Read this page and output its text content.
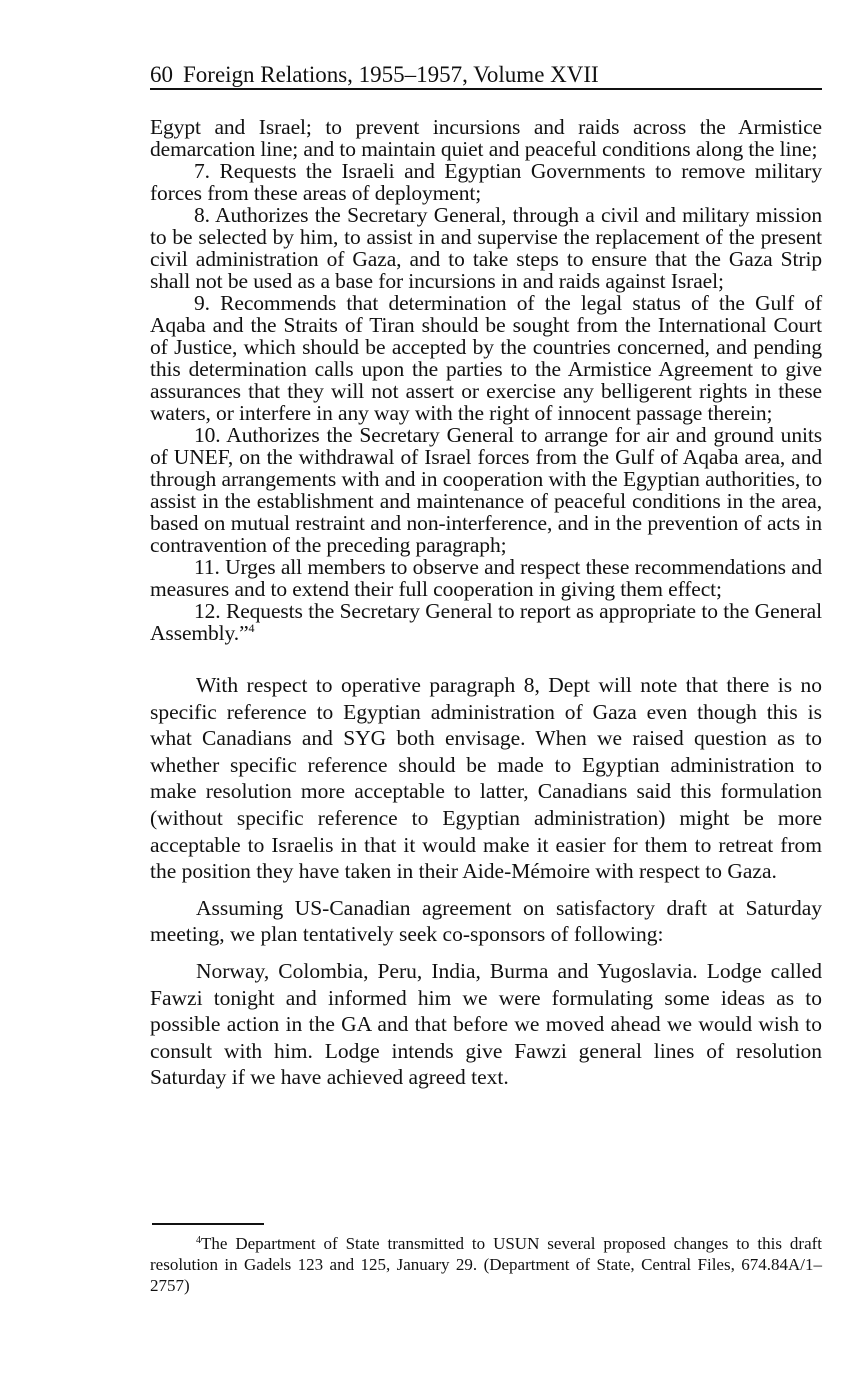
60 Foreign Relations, 1955–1957, Volume XVII

Egypt and Israel; to prevent incursions and raids across the Armistice demarcation line; and to maintain quiet and peaceful conditions along the line;

7. Requests the Israeli and Egyptian Governments to remove military forces from these areas of deployment;

8. Authorizes the Secretary General, through a civil and military mission to be selected by him, to assist in and supervise the replacement of the present civil administration of Gaza, and to take steps to ensure that the Gaza Strip shall not be used as a base for incursions in and raids against Israel;

9. Recommends that determination of the legal status of the Gulf of Aqaba and the Straits of Tiran should be sought from the International Court of Justice, which should be accepted by the countries concerned, and pending this determination calls upon the parties to the Armistice Agreement to give assurances that they will not assert or exercise any belligerent rights in these waters, or interfere in any way with the right of innocent passage therein;

10. Authorizes the Secretary General to arrange for air and ground units of UNEF, on the withdrawal of Israel forces from the Gulf of Aqaba area, and through arrangements with and in cooperation with the Egyptian authorities, to assist in the establishment and maintenance of peaceful conditions in the area, based on mutual restraint and non-interference, and in the prevention of acts in contravention of the preceding paragraph;

11. Urges all members to observe and respect these recommendations and measures and to extend their full cooperation in giving them effect;

12. Requests the Secretary General to report as appropriate to the General Assembly.”$^4$

With respect to operative paragraph 8, Dept will note that there is no specific reference to Egyptian administration of Gaza even though this is what Canadians and SYG both envisage. When we raised question as to whether specific reference should be made to Egyptian administration to make resolution more acceptable to latter, Canadians said this formulation (without specific reference to Egyptian administration) might be more acceptable to Israelis in that it would make it easier for them to retreat from the position they have taken in their Aide-Mémoire with respect to Gaza.

Assuming US-Canadian agreement on satisfactory draft at Saturday meeting, we plan tentatively seek co-sponsors of following:

Norway, Colombia, Peru, India, Burma and Yugoslavia. Lodge called Fawzi tonight and informed him we were formulating some ideas as to possible action in the GA and that before we moved ahead we would wish to consult with him. Lodge intends give Fawzi general lines of resolution Saturday if we have achieved agreed text.

$^4$The Department of State transmitted to USUN several proposed changes to this draft resolution in Gadels 123 and 125, January 29. (Department of State, Central Files, 674.84A/1–2757)
